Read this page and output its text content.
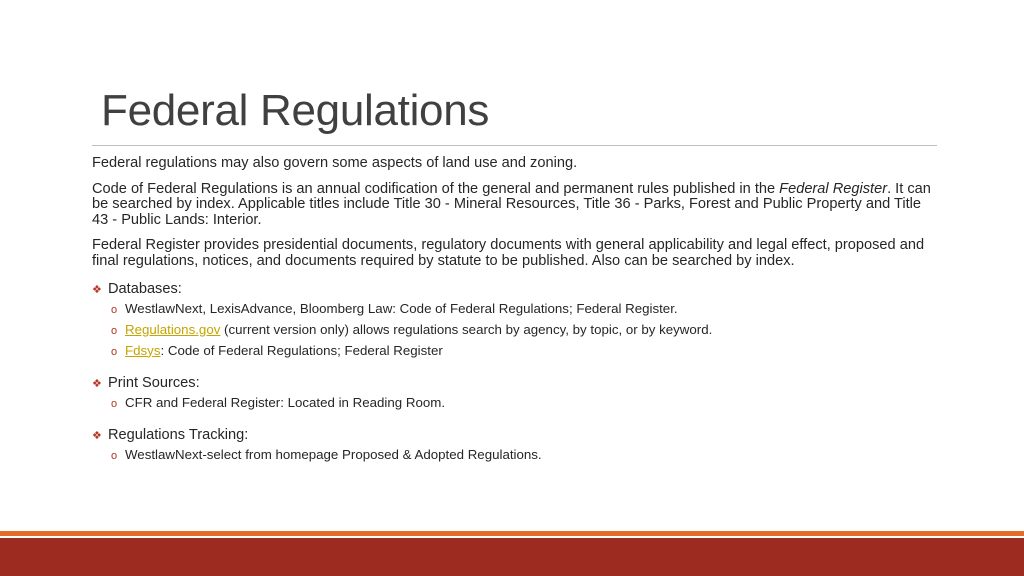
Federal Regulations

Federal regulations may also govern some aspects of land use and zoning.

Code of Federal Regulations is an annual codification of the general and permanent rules published in the Federal Register. It can be searched by index. Applicable titles include Title 30 - Mineral Resources, Title 36 - Parks, Forest and Public Property and Title 43 - Public Lands: Interior.

Federal Register provides presidential documents, regulatory documents with general applicability and legal effect, proposed and final regulations, notices, and documents required by statute to be published. Also can be searched by index.

❖ Databases:
o WestlawNext, LexisAdvance, Bloomberg Law: Code of Federal Regulations; Federal Register.
o Regulations.gov (current version only) allows regulations search by agency, by topic, or by keyword.
o Fdsys: Code of Federal Regulations; Federal Register
❖ Print Sources:
o CFR and Federal Register: Located in Reading Room.
❖ Regulations Tracking:
o WestlawNext-select from homepage Proposed & Adopted Regulations.
